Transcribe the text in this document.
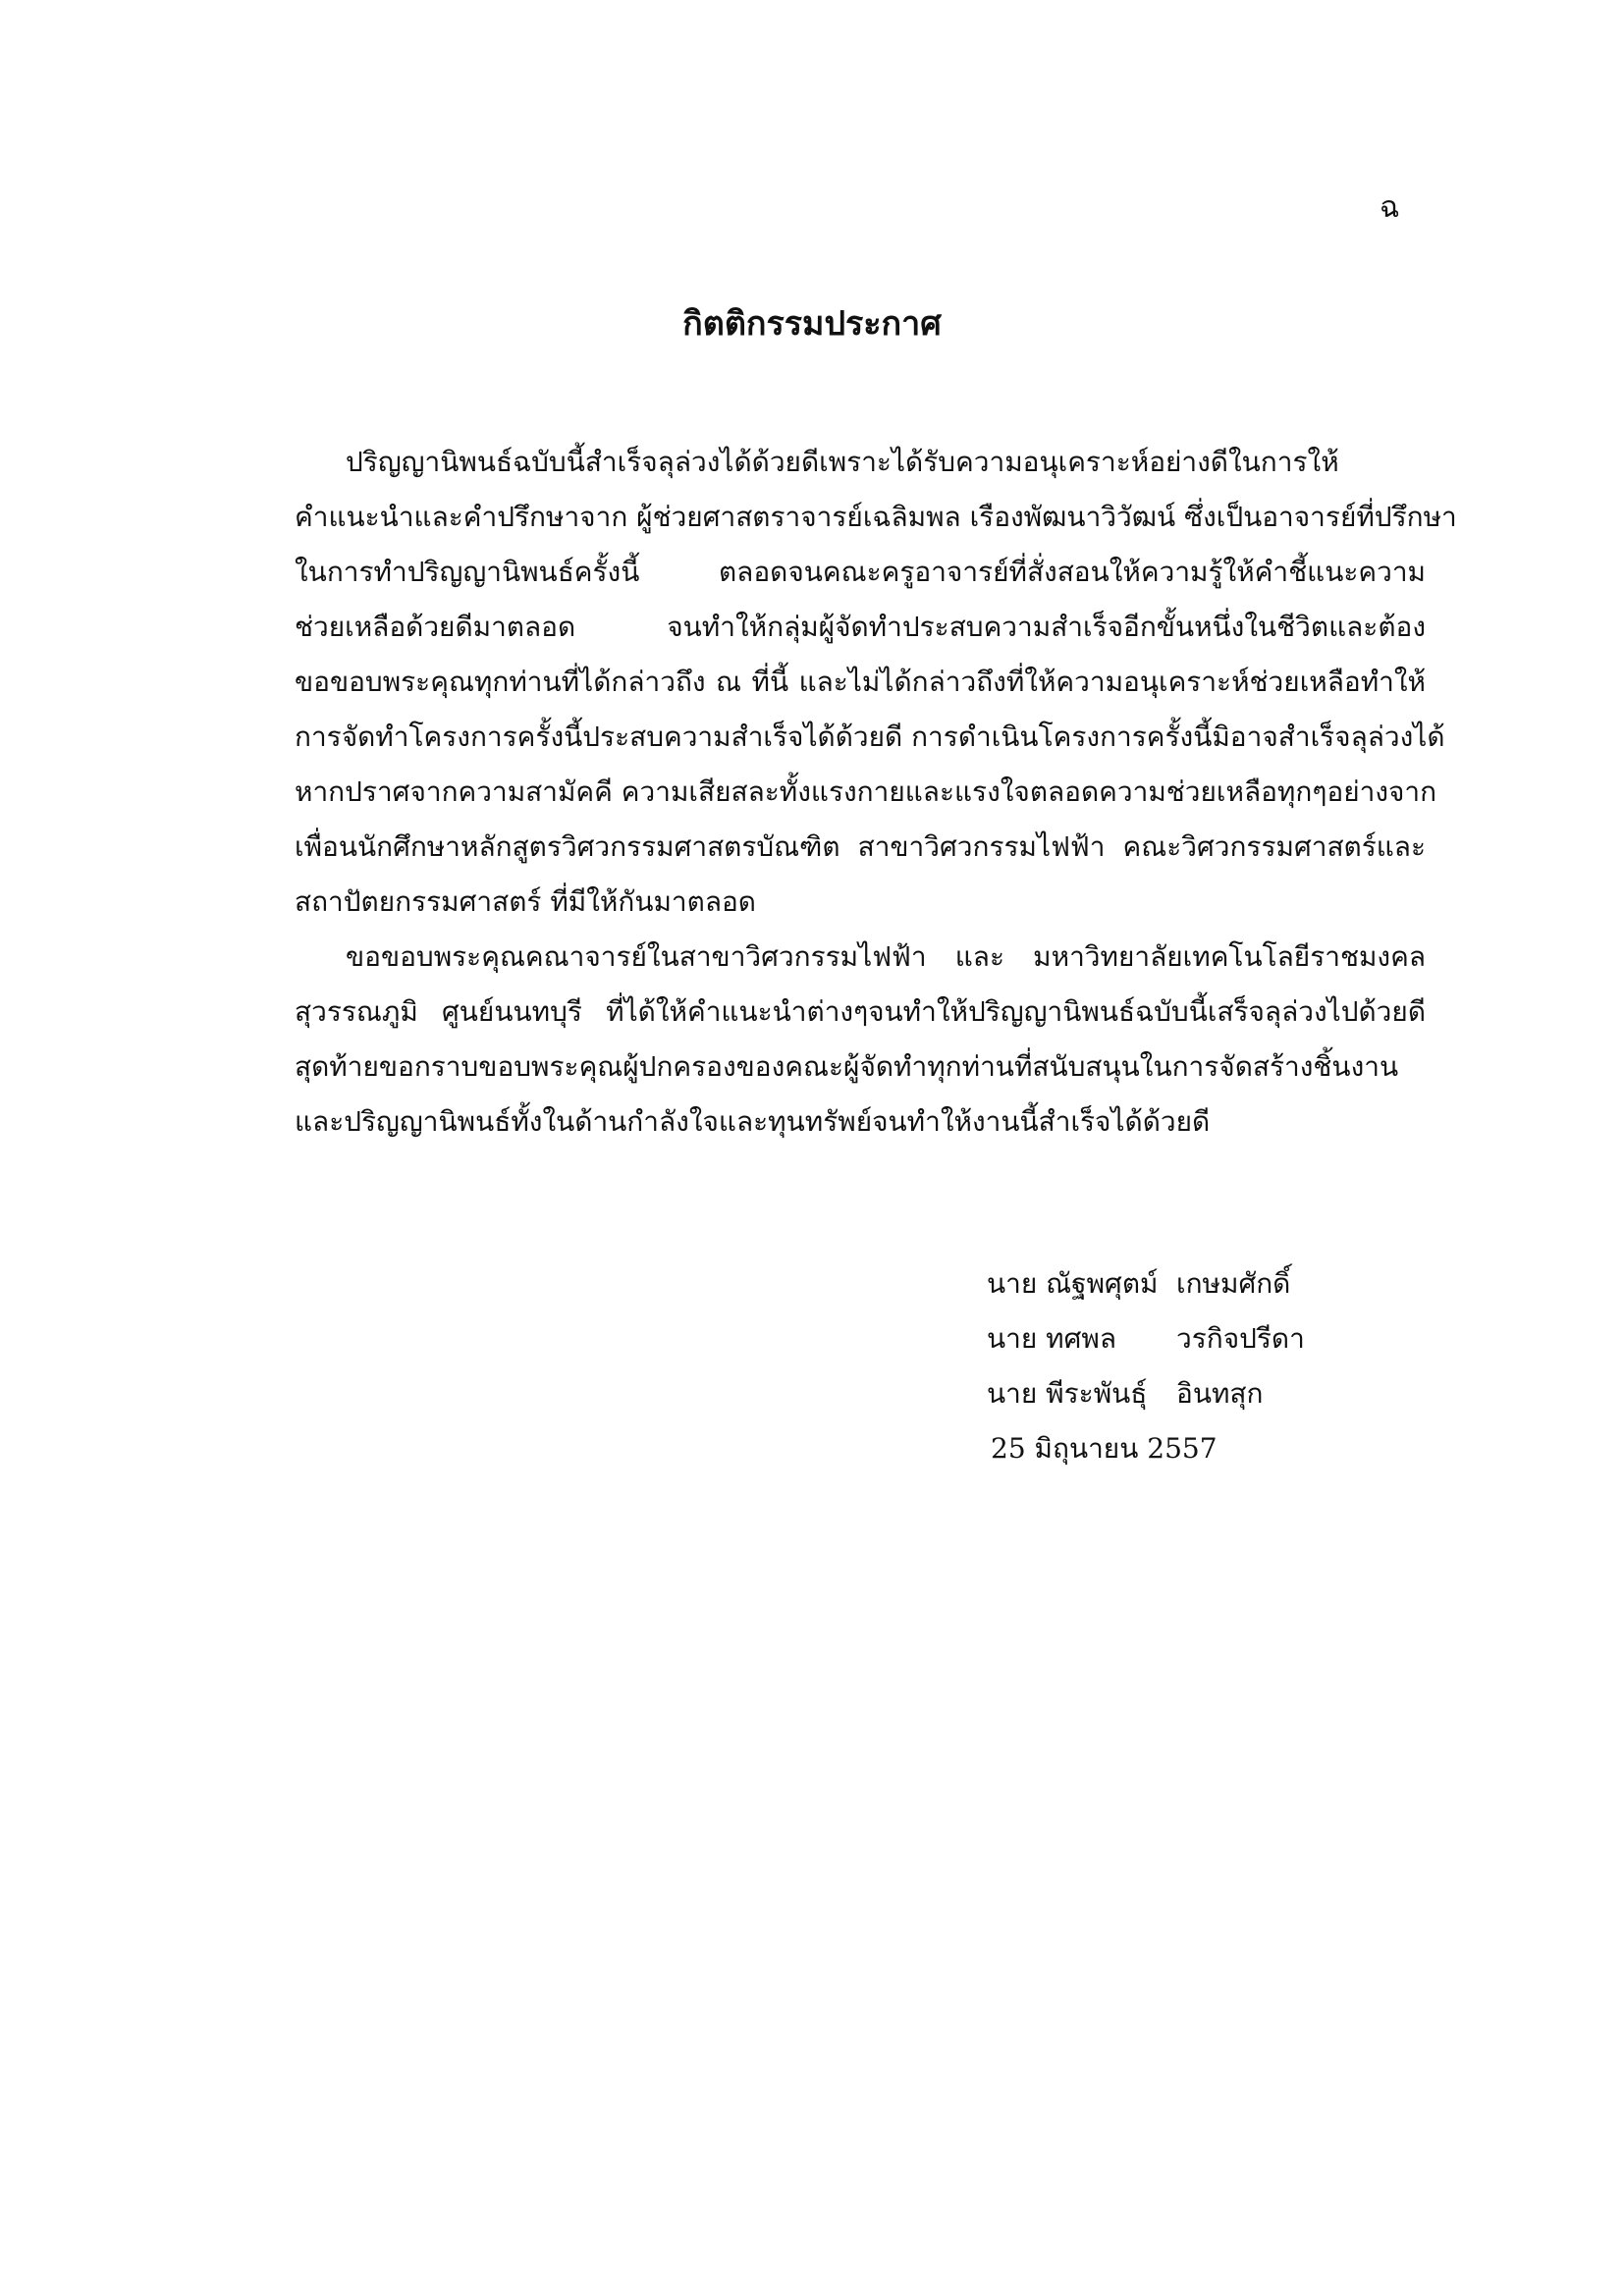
ฉ
กิตติกรรมประกาศ
ปริญญานิพนธ์ฉบับนี้สำเร็จลุล่วงได้ด้วยดีเพราะได้รับความอนุเคราะห์อย่างดีในการให้
คำแนะนำและคำปรึกษาจาก ผู้ช่วยศาสตราจารย์เฉลิมพล เรืองพัฒนาวิวัฒน์ ซึ่งเป็นอาจารย์ที่ปรึกษา
ในการทำปริญญานิพนธ์ครั้งนี้ ตลอดจนคณะครูอาจารย์ที่สั่งสอนให้ความรู้ให้คำชี้แนะความ
ช่วยเหลือด้วยดีมาตลอด จนทำให้กลุ่มผู้จัดทำประสบความสำเร็จอีกขั้นหนึ่งในชีวิตและต้อง
ขอขอบพระคุณทุกท่านที่ได้กล่าวถึง ณ ที่นี้ และไม่ได้กล่าวถึงที่ให้ความอนุเคราะห์ช่วยเหลือทำให้
การจัดทำโครงการครั้งนี้ประสบความสำเร็จได้ด้วยดี การดำเนินโครงการครั้งนี้มิอาจสำเร็จลุล่วงได้
หากปราศจากความสามัคคี ความเสียสละทั้งแรงกายและแรงใจตลอดความช่วยเหลือทุกๆอย่างจาก
เพื่อนนักศึกษาหลักสูตรวิศวกรรมศาสตรบัณฑิต สาขาวิศวกรรมไฟฟ้า คณะวิศวกรรมศาสตร์และ
สถาปัตยกรรมศาสตร์ ที่มีให้กันมาตลอด
ขอขอบพระคุณคณาจารย์ในสาขาวิศวกรรมไฟฟ้า และ มหาวิทยาลัยเทคโนโลยีราชมงคล
สุวรรณภูมิ ศูนย์นนทบุรี ที่ได้ให้คำแนะนำต่างๆจนทำให้ปริญญานิพนธ์ฉบับนี้เสร็จลุล่วงไปด้วยดี
สุดท้ายขอกราบขอบพระคุณผู้ปกครองของคณะผู้จัดทำทุกท่านที่สนับสนุนในการจัดสร้างชิ้นงาน
และปริญญานิพนธ์ทั้งในด้านกำลังใจและทุนทรัพย์จนทำให้งานนี้สำเร็จได้ด้วยดี
นาย ณัฐพศุตม์ เกษมศักดิ์
นาย ทศพล	วรกิจปรีดา
นาย พีระพันธุ์	อินทสุก
25 มิถุนายน 2557
